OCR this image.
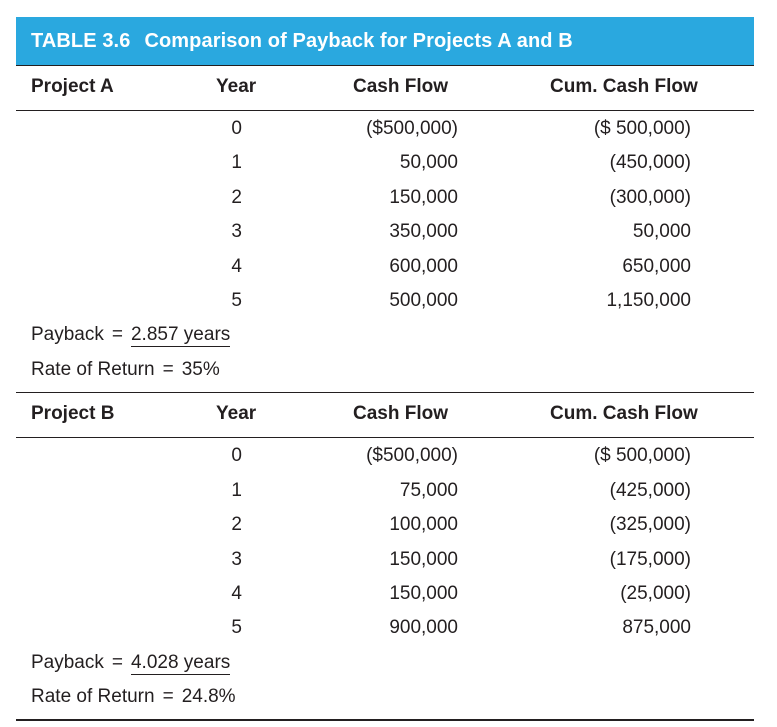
TABLE 3.6 Comparison of Payback for Projects A and B
Project A	Year	Cash Flow	Cum. Cash Flow
0	($500,000)	($ 500,000)
1	50,000	(450,000)
2	150,000	(300,000)
3	350,000	50,000
4	600,000	650,000
5	500,000	1,150,000
Payback = 2.857 years
Rate of Return = 35%
Project B	Year	Cash Flow	Cum. Cash Flow
0	($500,000)	($ 500,000)
1	75,000	(425,000)
2	100,000	(325,000)
3	150,000	(175,000)
4	150,000	(25,000)
5	900,000	875,000
Payback = 4.028 years
Rate of Return = 24.8%
